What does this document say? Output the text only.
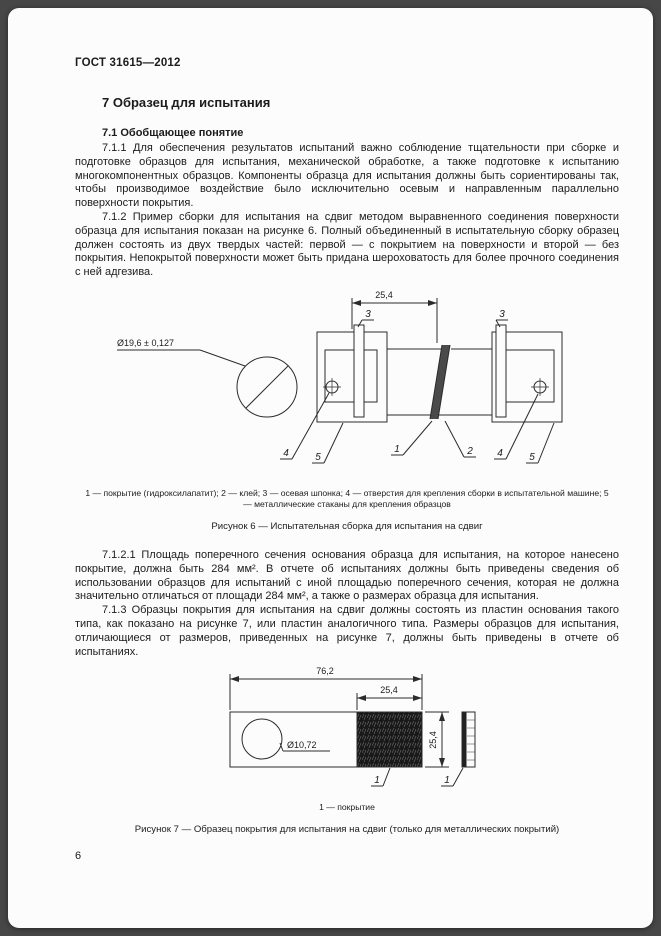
ГОСТ 31615—2012
7 Образец для испытания
7.1 Обобщающее понятие

7.1.1 Для обеспечения результатов испытаний важно соблюдение тщательности при сборке и подготовке образцов для испытания, механической обработке, а также подготовке к испытанию многокомпонентных образцов. Компоненты образца для испытания должны быть сориентированы так, чтобы производимое воздействие было исключительно осевым и направленным параллельно поверхности покрытия.

7.1.2 Пример сборки для испытания на сдвиг методом выравненного соединения поверхности образца для испытания показан на рисунке 6. Полный объединенный в испытательную сборку образец должен состоять из двух твердых частей: первой — с покрытием на поверхности и второй — без покрытия. Непокрытой поверхности может быть придана шероховатость для более прочного соединения с ней адгезива.

25,4
Ø19,6 ± 0,127
3	3
4	5
1	2 4	5
1 — покрытие (гидроксилапатит); 2 — клей; 3 — осевая шпонка; 4 — отверстия для крепления сборки в испытательной машине; 5 — металлические стаканы для крепления образцов
Рисунок 6 — Испытательная сборка для испытания на сдвиг

7.1.2.1 Площадь поперечного сечения основания образца для испытания, на которое нанесено покрытие, должна быть 284 мм². В отчете об испытаниях должны быть приведены сведения об использовании образцов для испытаний с иной площадью поперечного сечения, которая не должна значительно отличаться от площади 284 мм², а также о размерах образца для испытания.

7.1.3 Образцы покрытия для испытания на сдвиг должны состоять из пластин основания такого типа, как показано на рисунке 7, или пластин аналогичного типа. Размеры образцов для испытания, отличающиеся от размеров, приведенных на рисунке 7, должны быть приведены в отчете об испытаниях.

76,2
25,4
Ø10,72	25,4
1	1
1 — покрытие
Рисунок 7 — Образец покрытия для испытания на сдвиг (только для металлических покрытий)
6
